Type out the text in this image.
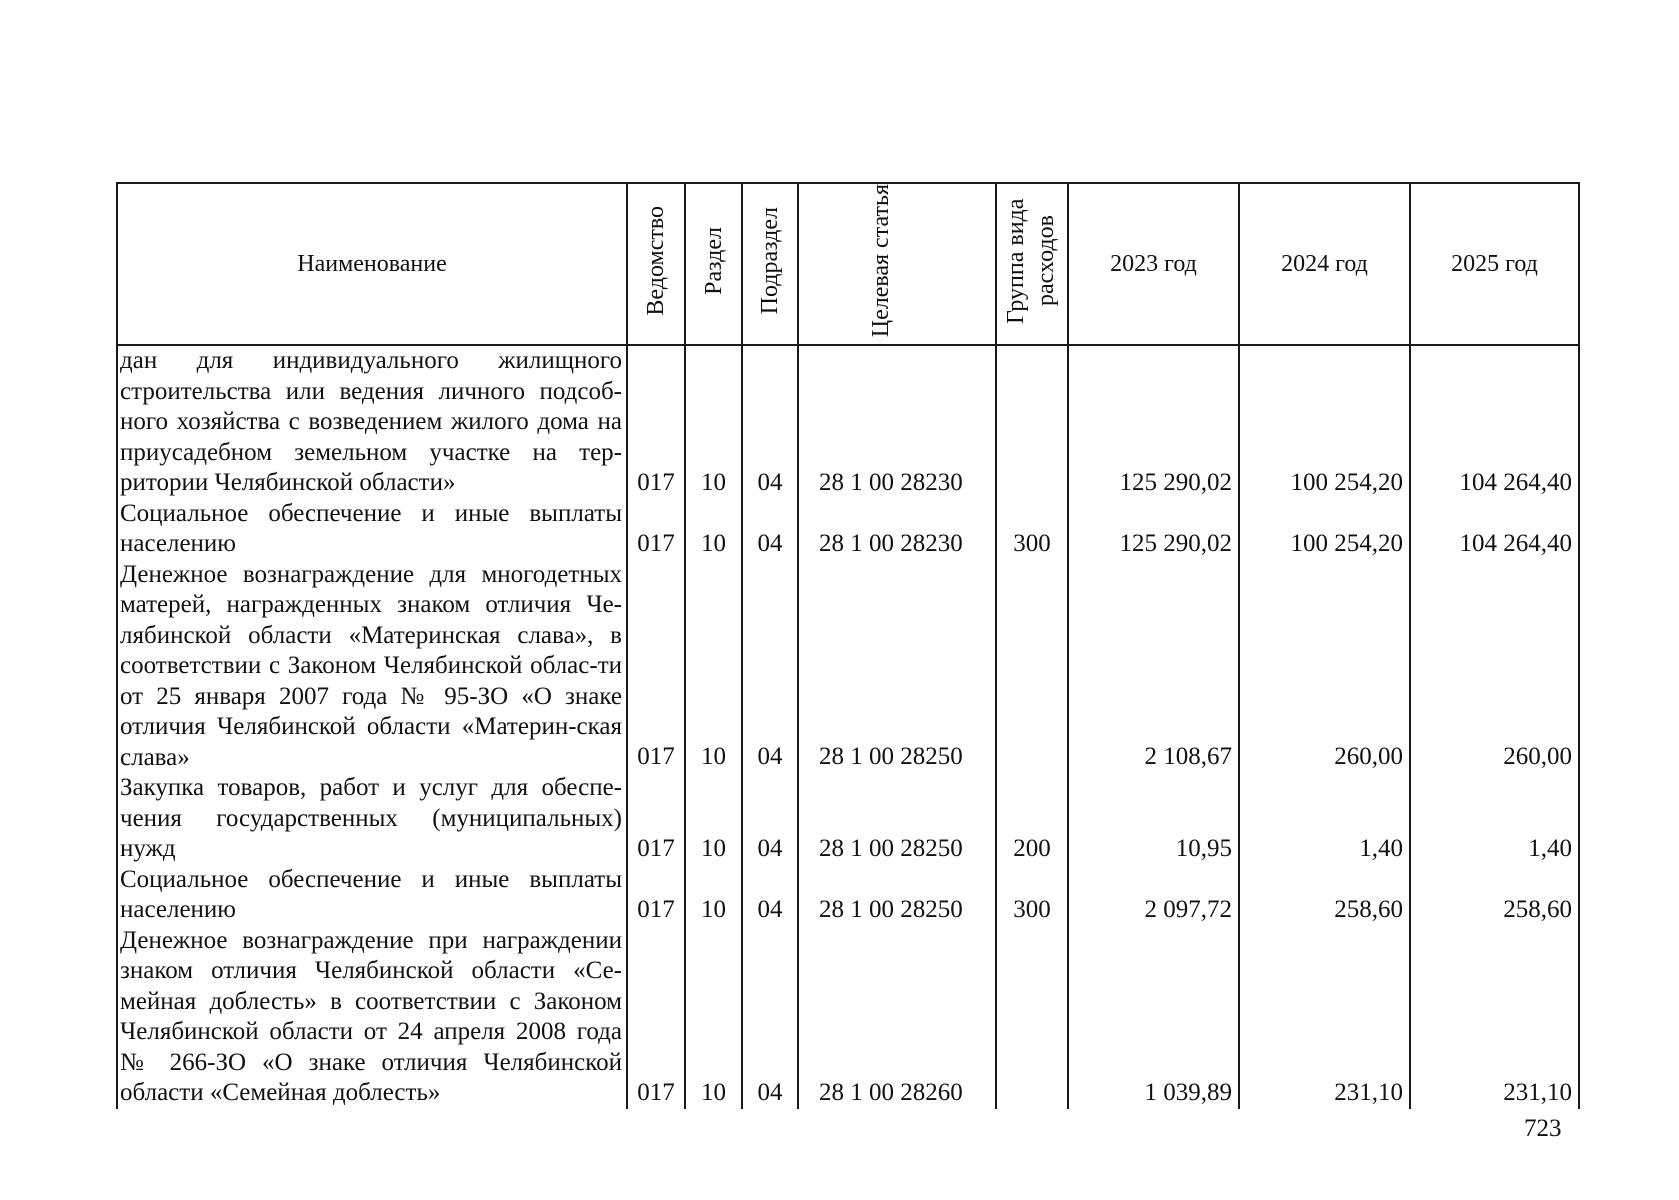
Наименование	Ведомство	Раздел	Подраздел	Целевая статья	Группа вида расходов	2023 год	2024 год	2025 год
дан для индивидуального жилищного строительства или ведения личного подсоб-ного хозяйства с возведением жилого дома на приусадебном земельном участке на тер-ритории Челябинской области»	017	10	04	28 1 00 28230		125 290,02	100 254,20	104 264,40
Социальное обеспечение и иные выплаты населению	017	10	04	28 1 00 28230	300	125 290,02	100 254,20	104 264,40
Денежное вознаграждение для многодетных матерей, награжденных знаком отличия Че-лябинской области «Материнская слава», в соответствии с Законом Челябинской облас-ти от 25 января 2007 года № 95-ЗО «О знаке отличия Челябинской области «Материн-ская слава»	017	10	04	28 1 00 28250		2 108,67	260,00	260,00
Закупка товаров, работ и услуг для обеспе-чения государственных (муниципальных) нужд	017	10	04	28 1 00 28250	200	10,95	1,40	1,40
Социальное обеспечение и иные выплаты населению	017	10	04	28 1 00 28250	300	2 097,72	258,60	258,60
Денежное вознаграждение при награждении знаком отличия Челябинской области «Се-мейная доблесть» в соответствии с Законом Челябинской области от 24 апреля 2008 года № 266-ЗО «О знаке отличия Челябинской области «Семейная доблесть»	017	10	04	28 1 00 28260		1 039,89	231,10	231,10
723
